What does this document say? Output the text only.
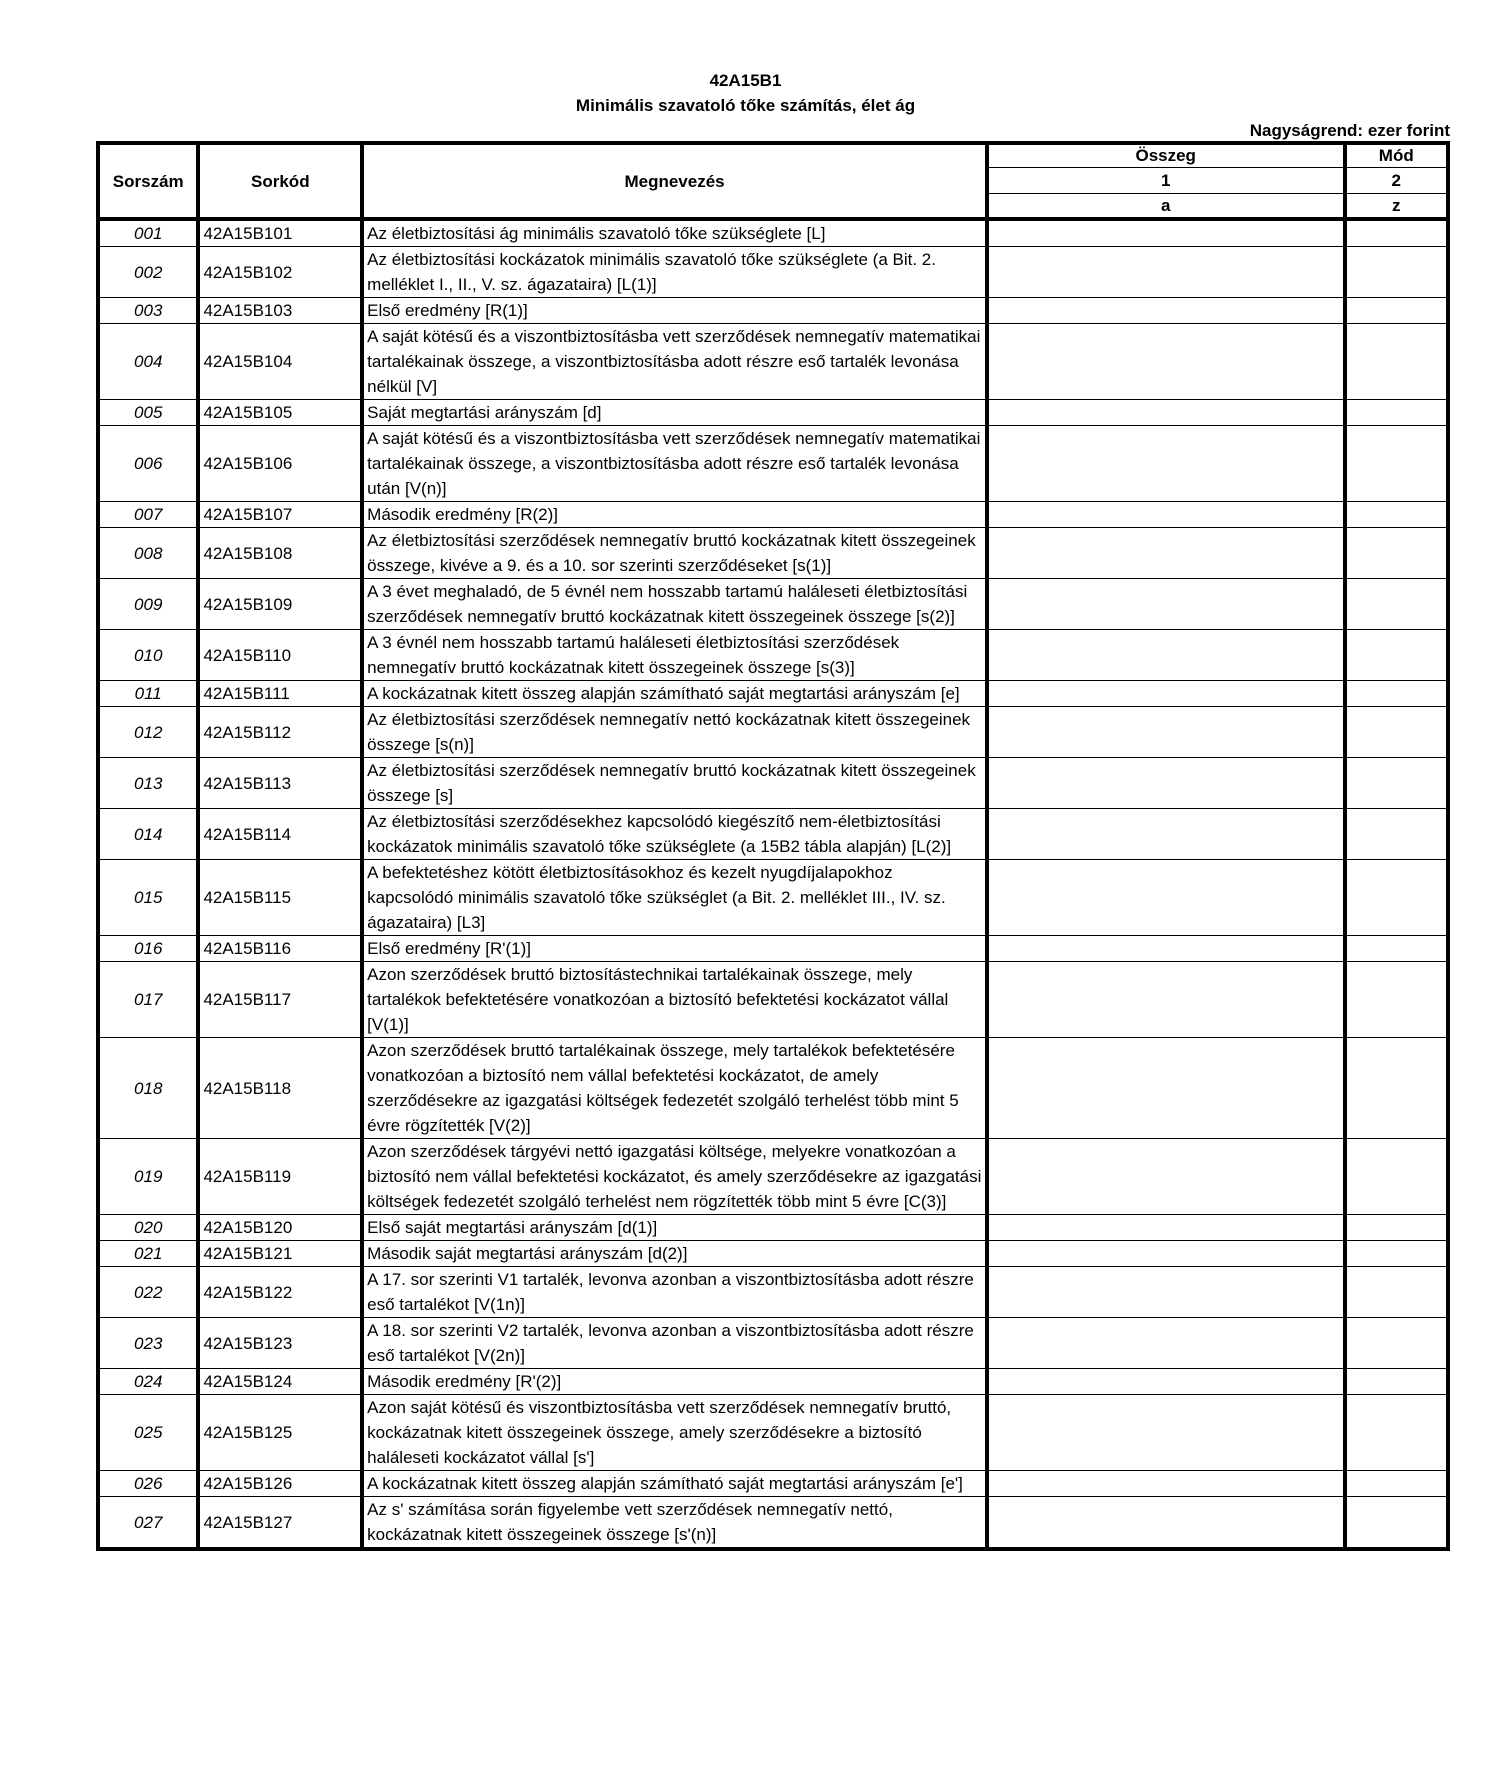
42A15B1
Minimális szavatoló tőke számítás, élet ág
Nagyságrend: ezer forint
Sorszám	Sorkód	Megnevezés	Összeg	Mód
			1	2
			a	z
001	42A15B101	Az életbiztosítási ág minimális szavatoló tőke szükséglete [L]		
002	42A15B102	Az életbiztosítási kockázatok minimális szavatoló tőke szükséglete (a Bit. 2. melléklet I., II., V. sz. ágazataira) [L(1)]		
003	42A15B103	Első eredmény [R(1)]		
004	42A15B104	A saját kötésű és a viszontbiztosításba vett szerződések nemnegatív matematikai tartalékainak összege, a viszontbiztosításba adott részre eső tartalék levonása nélkül [V]		
005	42A15B105	Saját megtartási arányszám [d]		
006	42A15B106	A saját kötésű és a viszontbiztosításba vett szerződések nemnegatív matematikai tartalékainak összege, a viszontbiztosításba adott részre eső tartalék levonása után [V(n)]		
007	42A15B107	Második eredmény [R(2)]		
008	42A15B108	Az életbiztosítási szerződések nemnegatív bruttó kockázatnak kitett összegeinek összege, kivéve a 9. és a 10. sor szerinti szerződéseket [s(1)]		
009	42A15B109	A 3 évet meghaladó, de 5 évnél nem hosszabb tartamú haláleseti életbiztosítási szerződések nemnegatív bruttó kockázatnak kitett összegeinek összege [s(2)]		
010	42A15B110	A 3 évnél nem hosszabb tartamú haláleseti életbiztosítási szerződések nemnegatív bruttó kockázatnak kitett összegeinek összege [s(3)]		
011	42A15B111	A kockázatnak kitett összeg alapján számítható saját megtartási arányszám [e]		
012	42A15B112	Az életbiztosítási szerződések nemnegatív nettó kockázatnak kitett összegeinek összege [s(n)]		
013	42A15B113	Az életbiztosítási szerződések nemnegatív bruttó kockázatnak kitett összegeinek összege [s]		
014	42A15B114	Az életbiztosítási szerződésekhez kapcsolódó kiegészítő nem-életbiztosítási kockázatok minimális szavatoló tőke szükséglete (a 15B2 tábla alapján) [L(2)]		
015	42A15B115	A befektetéshez kötött életbiztosításokhoz és kezelt nyugdíjalapokhoz kapcsolódó minimális szavatoló tőke szükséglet (a Bit. 2. melléklet III., IV. sz. ágazataira) [L3]		
016	42A15B116	Első eredmény [R'(1)]		
017	42A15B117	Azon szerződések bruttó biztosítástechnikai tartalékainak összege, mely tartalékok befektetésére vonatkozóan a biztosító befektetési kockázatot vállal [V(1)]		
018	42A15B118	Azon szerződések bruttó tartalékainak összege, mely tartalékok befektetésére vonatkozóan a biztosító nem vállal befektetési kockázatot, de amely szerződésekre az igazgatási költségek fedezetét szolgáló terhelést több mint 5 évre rögzítették [V(2)]		
019	42A15B119	Azon szerződések tárgyévi nettó igazgatási költsége, melyekre vonatkozóan a biztosító nem vállal befektetési kockázatot, és amely szerződésekre az igazgatási költségek fedezetét szolgáló terhelést nem rögzítették több mint 5 évre [C(3)]		
020	42A15B120	Első saját megtartási arányszám [d(1)]		
021	42A15B121	Második saját megtartási arányszám [d(2)]		
022	42A15B122	A 17. sor szerinti V1 tartalék, levonva azonban a viszontbiztosításba adott részre eső tartalékot [V(1n)]		
023	42A15B123	A 18. sor szerinti V2 tartalék, levonva azonban a viszontbiztosításba adott részre eső tartalékot [V(2n)]		
024	42A15B124	Második eredmény [R'(2)]		
025	42A15B125	Azon saját kötésű és viszontbiztosításba vett szerződések nemnegatív bruttó, kockázatnak kitett összegeinek összege, amely szerződésekre a biztosító haláleseti kockázatot vállal [s']		
026	42A15B126	A kockázatnak kitett összeg alapján számítható saját megtartási arányszám [e']		
027	42A15B127	Az s' számítása során figyelembe vett szerződések nemnegatív nettó, kockázatnak kitett összegeinek összege [s'(n)]		
